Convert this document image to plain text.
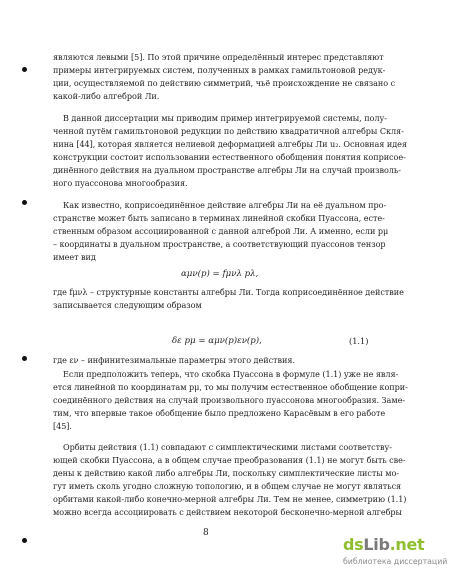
являются левыми [5]. По этой причине определённый интерес представляют
примеры интегрируемых систем, полученных в рамках гамильтоновой редук-
ции, осуществляемой по действию симметрий, чьё происхождение не связано с
какой-либо алгеброй Ли.
В данной диссертации мы приводим пример интегрируемой системы, полу-
ченной путём гамильтоновой редукции по действию квадратичной алгебры Скля-
нина [44], которая является нелиевой деформацией алгебры Ли u₂. Основная идея
конструкции состоит использовании естественного обобщения понятия коприсое-
динённого действия на дуальном пространстве алгебры Ли на случай произволь-
ного пуассонова многообразия.
Как известно, коприсоединённое действие алгебры Ли на её дуальном про-
странстве может быть записано в терминах линейной скобки Пуассона, есте-
ственным образом ассоциированной с данной алгеброй Ли. А именно, если pμ
– координаты в дуальном пространстве, а соответствующий пуассонов тензор
имеет вид
αμν(p) = fμνλ pλ,
где fμνλ – структурные константы алгебры Ли. Тогда коприсоединённое действие
записывается следующим образом
δε pμ = αμν(p)εν(p),	(1.1)
где εν – инфинитезимальные параметры этого действия.
Если предположить теперь, что скобка Пуассона в формуле (1.1) уже не явля-
ется линейной по координатам pμ, то мы получим естественное обобщение копри-
соединённого действия на случай произвольного пуассонова многообразия. Заме-
тим, что впервые такое обобщение было предложено Карасёвым в его работе
[45].
Орбиты действия (1.1) совпадают с симплектическими листами соответству-
ющей скобки Пуассона, а в общем случае преобразования (1.1) не могут быть све-
дены к действию какой либо алгебры Ли, поскольку симплектические листы мо-
гут иметь сколь угодно сложную топологию, и в общем случае не могут являться
орбитами какой-либо конечно-мерной алгебры Ли. Тем не менее, симметрию (1.1)
можно всегда ассоциировать с действием некоторой бесконечно-мерной алгебры
8
dsLib.net
библиотека диссертаций
